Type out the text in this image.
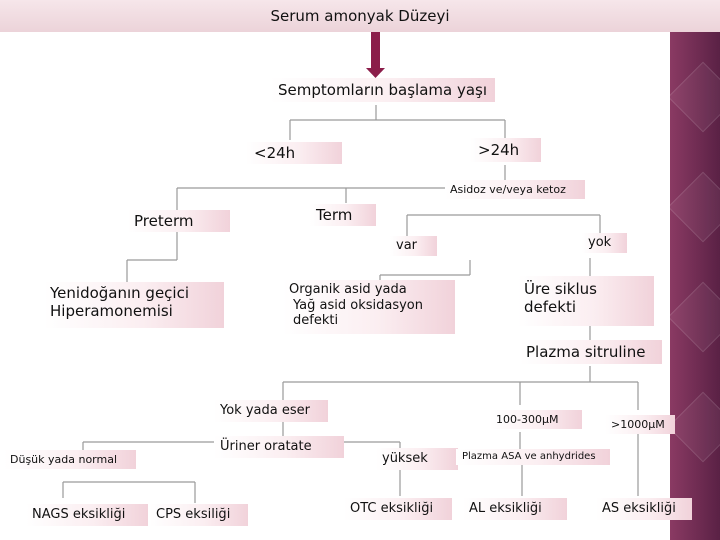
Serum amonyak Düzeyi
Semptomların başlama yaşı
<24h	>24h
Asidoz ve/veya ketoz
Preterm	Term
var	yok
Yenidoğanın geçici
Hiperamonemisi
Organik asid yada
Yağ asid oksidasyon
defekti
Üre siklus
defekti
Plazma sitruline
Yok yada eser
100-300µM	>1000µM
Üriner oratate
Düşük yada normal	yüksek	Plazma ASA ve anhydrides
NAGS eksikliği	CPS eksiliği	OTC eksikliği	AL eksikliği	AS eksikliği
